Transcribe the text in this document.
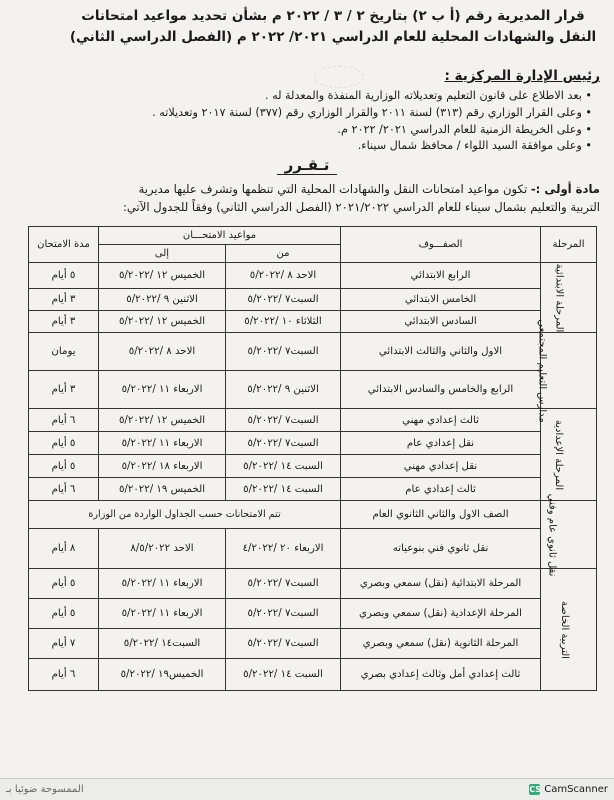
قرار المديرية رقم (أ ب ٢) بتاريخ ٢ / ٣ / ٢٠٢٢ م بشأن تحديد مواعيد امتحانات
النقل والشهادات المحلية للعام الدراسي ٢٠٢١/ ٢٠٢٢ م (الفصل الدراسي الثاني)
رئيس الإدارة المركزية :
• بعد الاطلاع على قانون التعليم وتعديلاته الوزارية المنفذة والمعدلة له .
• وعلى القرار الوزاري رقم (٣١٣) لسنة ٢٠١١ والقرار الوزاري رقم (٣٧٧) لسنة ٢٠١٧ وتعديلاته .
• وعلى الخريطة الزمنية للعام الدراسي ٢٠٢١/ ٢٠٢٢ م.
• وعلى موافقة السيد اللواء / محافظ شمال سيناء.
تـقـرر
مادة أولى :- تكون مواعيد امتحانات النقل والشهادات المحلية التي تنظمها وتشرف عليها مديرية
التربية والتعليم بشمال سيناء للعام الدراسي ٢٠٢١/٢٠٢٢ (الفصل الدراسي الثاني) وفقاً للجدول الآتي:
المرحلة	الصفـــوف	مواعيد الامتحـــان		مدة الامتحان
		من	إلى	
المرحلة الابتدائية	الرابع الابتدائي	الاحد ٨ /٥/٢٠٢٢	الخميس ١٢ /٥/٢٠٢٢	٥ أيام
	الخامس الابتدائي	السبت٧ /٥/٢٠٢٢	الاثنين ٩ /٥/٢٠٢٢	٣ أيام
	السادس الابتدائي	الثلاثاء ١٠ /٥/٢٠٢٢	الخميس ١٢ /٥/٢٠٢٢	٣ أيام
مدارس التعليم المجتمعي	الاول والثاني والثالث الابتدائي	السبت٧ /٥/٢٠٢٢	الاحد ٨ /٥/٢٠٢٢	يومان
	الرابع والخامس والسادس الابتدائي	الاثنين ٩ /٥/٢٠٢٢	الاربعاء ١١ /٥/٢٠٢٢	٣ أيام
المرحلة الإعدادية	ثالث إعدادي مهني	السبت٧ /٥/٢٠٢٢	الخميس ١٢ /٥/٢٠٢٢	٦ أيام
	نقل إعدادي عام	السبت٧ /٥/٢٠٢٢	الاربعاء ١١ /٥/٢٠٢٢	٥ أيام
	نقل إعدادي مهني	السبت ١٤ /٥/٢٠٢٢	الاربعاء ١٨ /٥/٢٠٢٢	٥ أيام
	ثالث إعدادي عام	السبت ١٤ /٥/٢٠٢٢	الخميس ١٩ /٥/٢٠٢٢	٦ أيام
نقل ثانوي عام وفني	الصف الاول والثاني الثانوي العام	تتم الامتحانات حسب الجداول الواردة من الوزارة		
	نقل ثانوي فني بنوعياته	الاربعاء ٢٠ /٤/٢٠٢٢	الاحد ٨/٥/٢٠٢٢	٨ أيام
التربية الخاصة	المرحلة الابتدائية (نقل) سمعي وبصري	السبت٧ /٥/٢٠٢٢	الاربعاء ١١ /٥/٢٠٢٢	٥ أيام
	المرحلة الإعدادية (نقل) سمعي وبصري	السبت٧ /٥/٢٠٢٢	الاربعاء ١١ /٥/٢٠٢٢	٥ أيام
	المرحلة الثانوية (نقل) سمعي وبصري	السبت٧ /٥/٢٠٢٢	السبت١٤ /٥/٢٠٢٢	٧ أيام
	ثالث إعدادي أمل وثالث إعدادي بصري	السبت ١٤ /٥/٢٠٢٢	الخميس١٩ /٥/٢٠٢٢	٦ أيام
الممسوحة ضوئيا بـ	CS CamScanner
